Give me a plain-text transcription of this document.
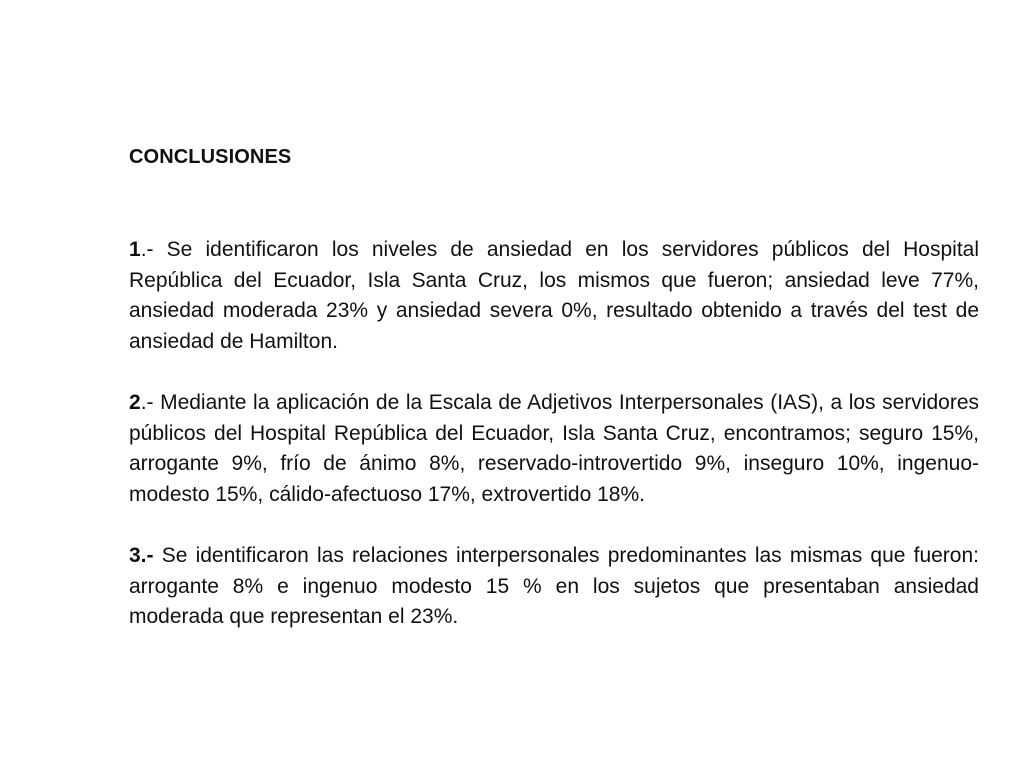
CONCLUSIONES

1.- Se identificaron los niveles de ansiedad en los servidores públicos del Hospital República del Ecuador, Isla Santa Cruz, los mismos que fueron; ansiedad leve 77%, ansiedad moderada 23% y ansiedad severa 0%, resultado obtenido a través del test de ansiedad de Hamilton.

2.- Mediante la aplicación de la Escala de Adjetivos Interpersonales (IAS), a los servidores públicos del Hospital República del Ecuador, Isla Santa Cruz, encontramos; seguro 15%, arrogante 9%, frío de ánimo 8%, reservado-introvertido 9%, inseguro 10%, ingenuo-modesto 15%, cálido-afectuoso 17%, extrovertido 18%.

3.- Se identificaron las relaciones interpersonales predominantes las mismas que fueron: arrogante 8% e ingenuo modesto 15 % en los sujetos que presentaban ansiedad moderada que representan el 23%.
